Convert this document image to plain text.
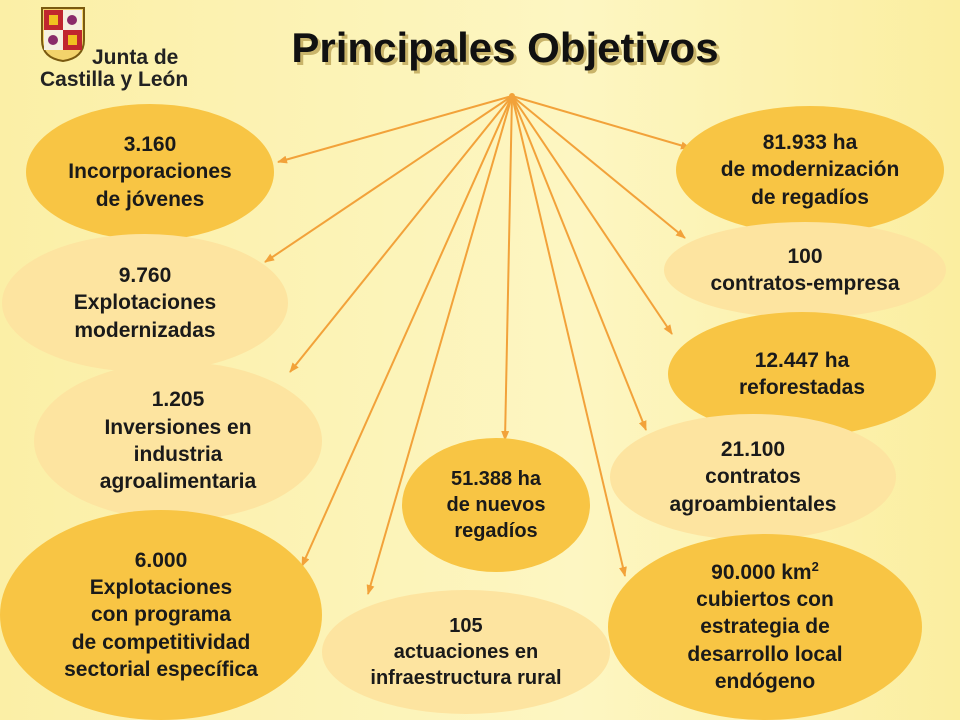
Junta de
Castilla y León
Principales Objetivos
3.160
Incorporaciones
de jóvenes
9.760
Explotaciones
modernizadas
1.205
Inversiones en
industria
agroalimentaria
6.000
Explotaciones
con programa
de competitividad
sectorial específica
51.388 ha
de nuevos
regadíos
105
actuaciones en
infraestructura rural
81.933 ha
de modernización
de regadíos
100
contratos-empresa
12.447 ha
reforestadas
21.100
contratos
agroambientales
90.000 $km^2$
cubiertos con
estrategia de
desarrollo local
endógeno
